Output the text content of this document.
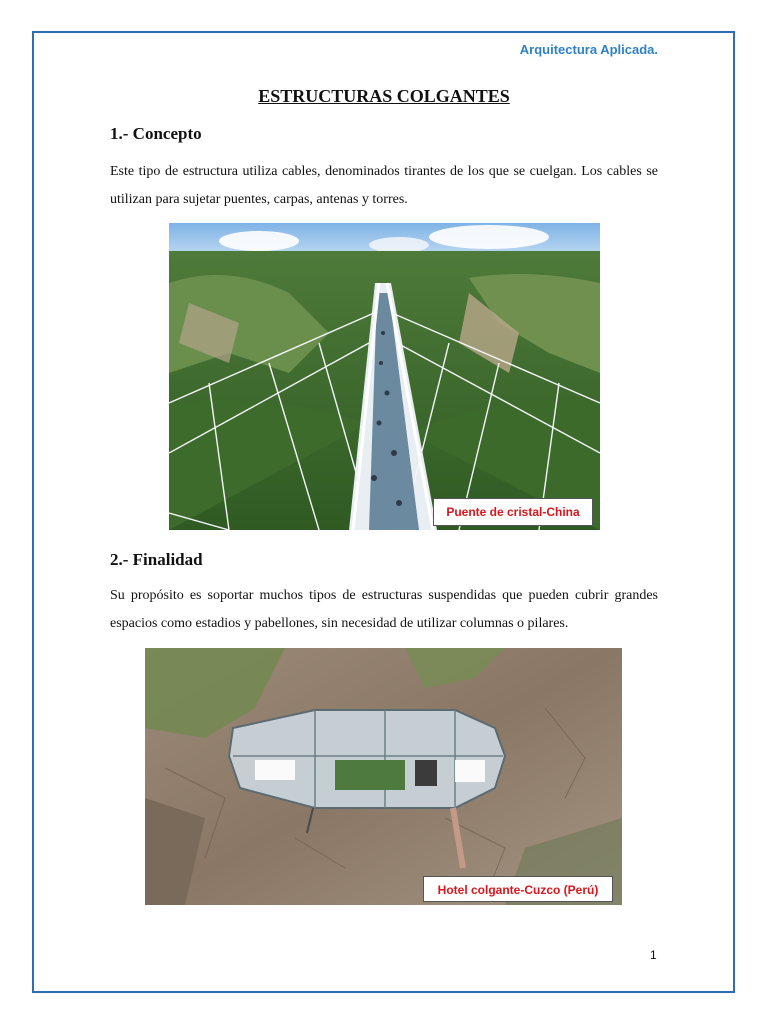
Arquitectura Aplicada.
ESTRUCTURAS COLGANTES
1.- Concepto
Este tipo de estructura utiliza cables, denominados tirantes de los que se cuelgan. Los cables se utilizan para sujetar puentes, carpas, antenas y torres.
Puente de cristal-China
2.- Finalidad
Su propósito es soportar muchos tipos de estructuras suspendidas que pueden cubrir grandes espacios como estadios y pabellones, sin necesidad de utilizar columnas o pilares.
Hotel colgante-Cuzco (Perú)
1
